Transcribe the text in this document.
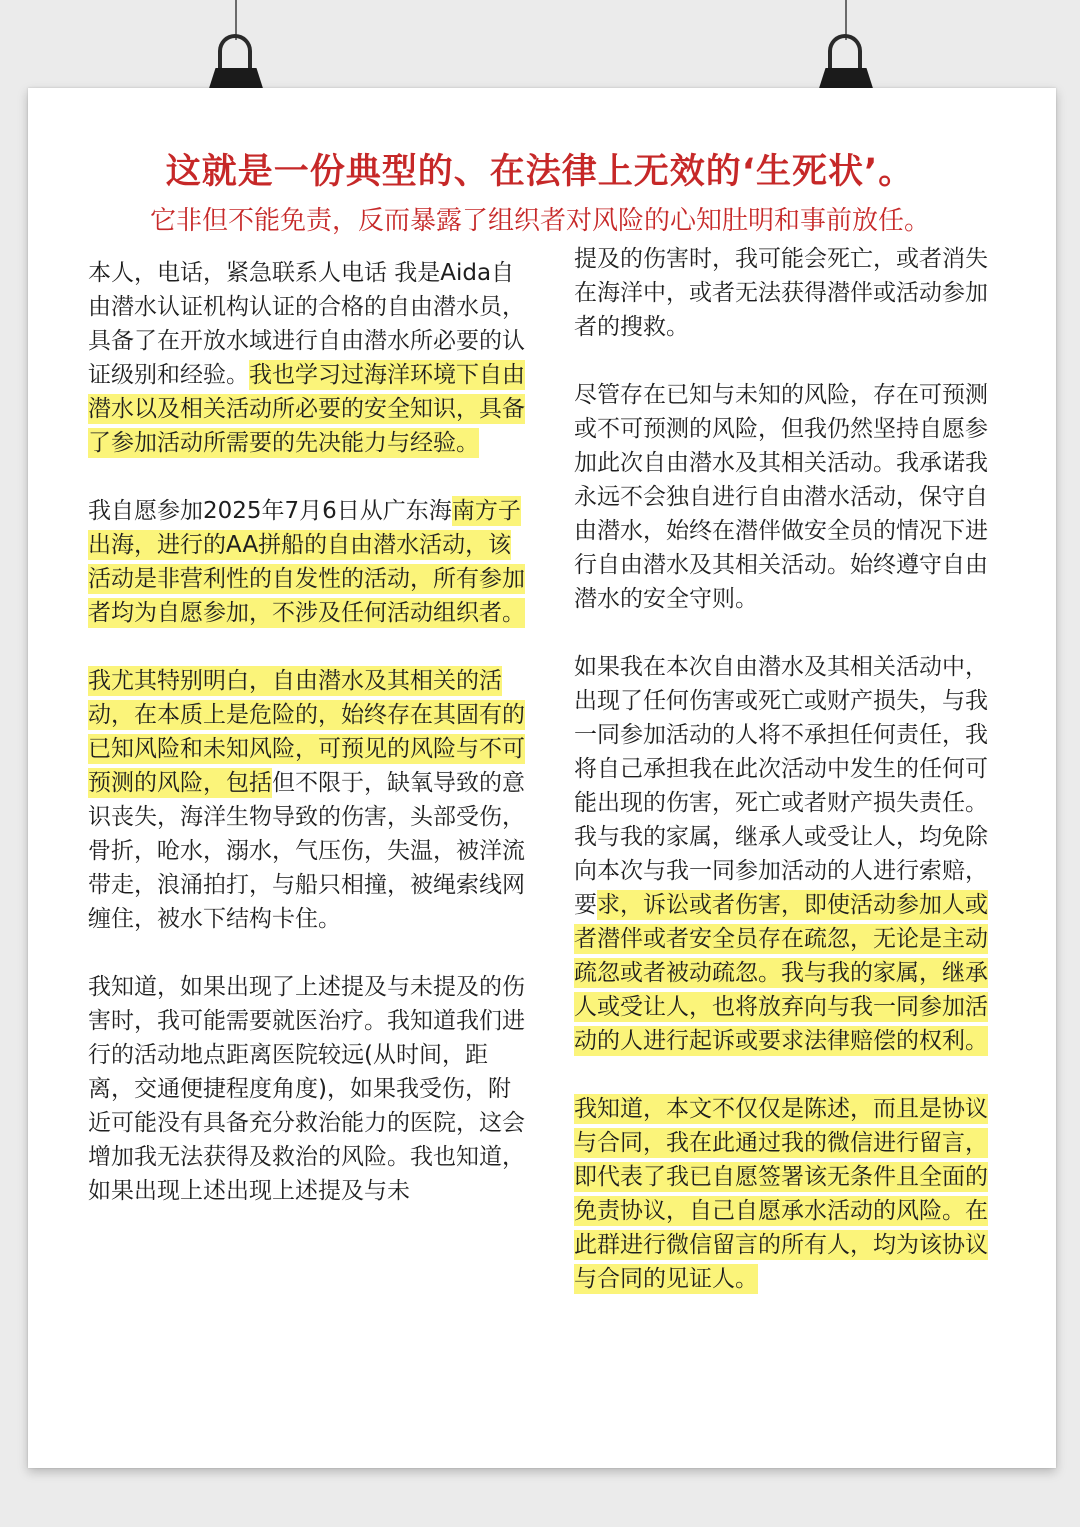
这就是一份典型的、在法律上无效的‘生死状’。
它非但不能免责，反而暴露了组织者对风险的心知肚明和事前放任。

本人，电话，紧急联系人电话 我是Aida自由潜水认证机构认证的合格的自由潜水员，具备了在开放水域进行自由潜水所必要的认证级别和经验。我也学习过海洋环境下自由潜水以及相关活动所必要的安全知识，具备了参加活动所需要的先决能力与经验。

我自愿参加2025年7月6日从广东海南方子出海，进行的AA拼船的自由潜水活动，该活动是非营利性的自发性的活动，所有参加者均为自愿参加，不涉及任何活动组织者。

我尤其特别明白，自由潜水及其相关的活动，在本质上是危险的，始终存在其固有的已知风险和未知风险，可预见的风险与不可预测的风险，包括但不限于，缺氧导致的意识丧失，海洋生物导致的伤害，头部受伤，骨折，呛水，溺水，气压伤，失温，被洋流带走，浪涌拍打，与船只相撞，被绳索线网缠住，被水下结构卡住。

我知道，如果出现了上述提及与未提及的伤害时，我可能需要就医治疗。我知道我们进行的活动地点距离医院较远(从时间，距离，交通便捷程度角度)，如果我受伤，附近可能没有具备充分救治能力的医院，这会增加我无法获得及救治的风险。我也知道，如果出现上述出现上述提及与未

提及的伤害时，我可能会死亡，或者消失在海洋中，或者无法获得潜伴或活动参加者的搜救。

尽管存在已知与未知的风险，存在可预测或不可预测的风险，但我仍然坚持自愿参加此次自由潜水及其相关活动。我承诺我永远不会独自进行自由潜水活动，保守自由潜水，始终在潜伴做安全员的情况下进行自由潜水及其相关活动。始终遵守自由潜水的安全守则。

如果我在本次自由潜水及其相关活动中，出现了任何伤害或死亡或财产损失，与我一同参加活动的人将不承担任何责任，我将自己承担我在此次活动中发生的任何可能出现的伤害，死亡或者财产损失责任。我与我的家属，继承人或受让人，均免除向本次与我一同参加活动的人进行索赔，要求，诉讼或者伤害，即使活动参加人或者潜伴或者安全员存在疏忽，无论是主动疏忽或者被动疏忽。我与我的家属，继承人或受让人，也将放弃向与我一同参加活动的人进行起诉或要求法律赔偿的权利。

我知道，本文不仅仅是陈述，而且是协议与合同，我在此通过我的微信进行留言，即代表了我已自愿签署该无条件且全面的免责协议，自己自愿承水活动的风险。在此群进行微信留言的所有人，均为该协议与合同的见证人。
